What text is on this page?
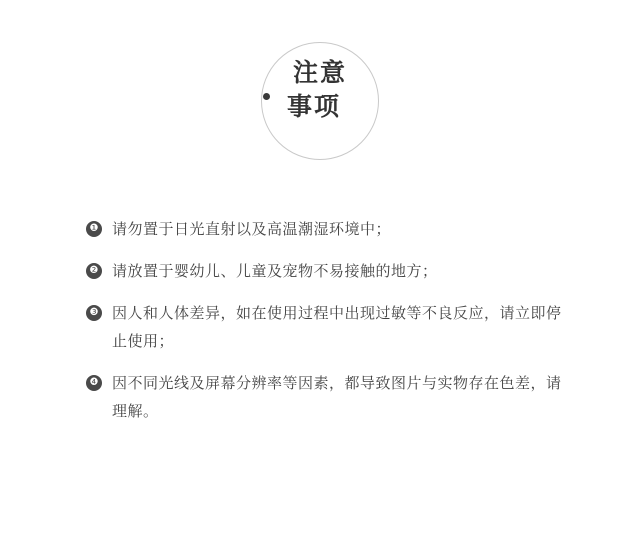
注意
事项
❶ 请勿置于日光直射以及高温潮湿环境中；
❷ 请放置于婴幼儿、儿童及宠物不易接触的地方；
❸ 因人和人体差异，如在使用过程中出现过敏等不良反应，请立即停止使用；
❹ 因不同光线及屏幕分辨率等因素，都导致图片与实物存在色差，请理解。
